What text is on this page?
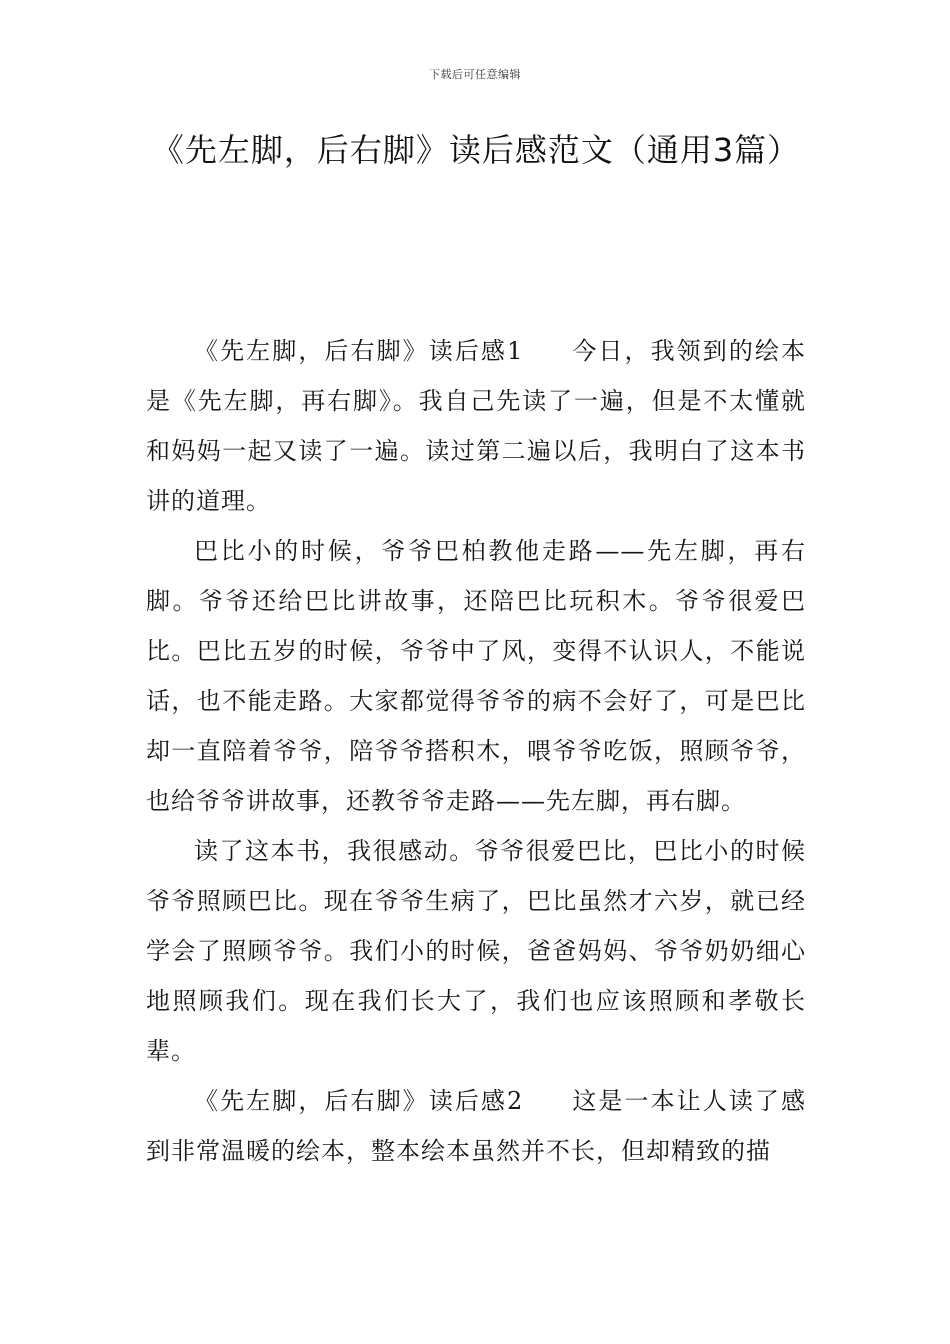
下载后可任意编辑
《先左脚，后右脚》读后感范文（通用3篇）

《先左脚，后右脚》读后感1 今日，我领到的绘本是《先左脚，再右脚》。我自己先读了一遍，但是不太懂就和妈妈一起又读了一遍。读过第二遍以后，我明白了这本书讲的道理。

巴比小的时候，爷爷巴柏教他走路——先左脚，再右脚。爷爷还给巴比讲故事，还陪巴比玩积木。爷爷很爱巴比。巴比五岁的时候，爷爷中了风，变得不认识人，不能说话，也不能走路。大家都觉得爷爷的病不会好了，可是巴比却一直陪着爷爷，陪爷爷搭积木，喂爷爷吃饭，照顾爷爷，也给爷爷讲故事，还教爷爷走路——先左脚，再右脚。

读了这本书，我很感动。爷爷很爱巴比，巴比小的时候爷爷照顾巴比。现在爷爷生病了，巴比虽然才六岁，就已经学会了照顾爷爷。我们小的时候，爸爸妈妈、爷爷奶奶细心地照顾我们。现在我们长大了，我们也应该照顾和孝敬长辈。

《先左脚，后右脚》读后感2 这是一本让人读了感到非常温暖的绘本，整本绘本虽然并不长，但却精致的描
